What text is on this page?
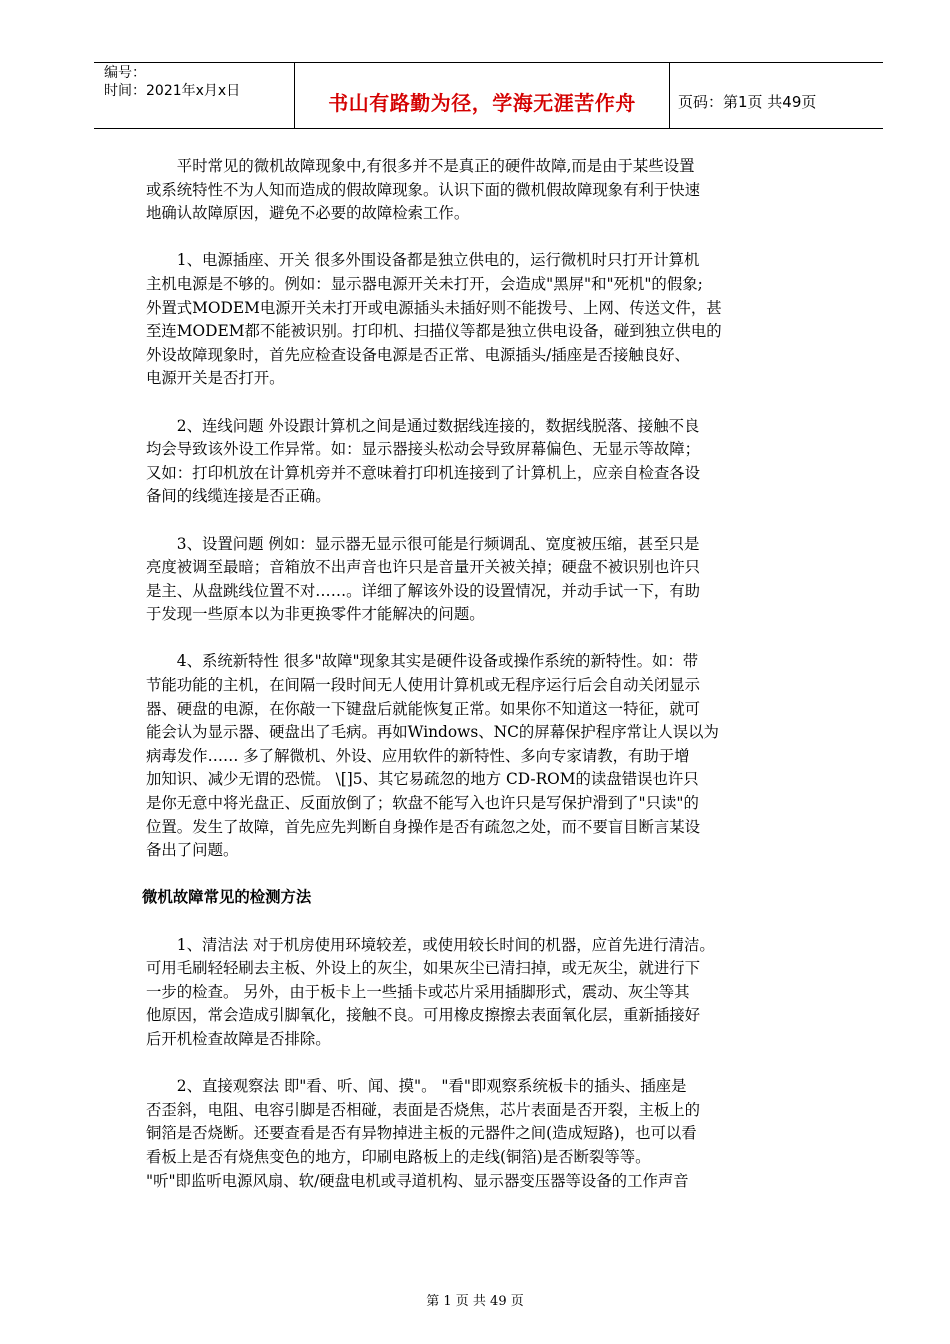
编号：
时间：2021年x月x日	书山有路勤为径，学海无涯苦作舟	页码：第1页 共49页

平时常见的微机故障现象中,有很多并不是真正的硬件故障,而是由于某些设置
或系统特性不为人知而造成的假故障现象。认识下面的微机假故障现象有利于快速
地确认故障原因，避免不必要的故障检索工作。

1、电源插座、开关 很多外围设备都是独立供电的，运行微机时只打开计算机
主机电源是不够的。例如：显示器电源开关未打开，会造成"黑屏"和"死机"的假象;
外置式MODEM电源开关未打开或电源插头未插好则不能拨号、上网、传送文件，甚
至连MODEM都不能被识别。打印机、扫描仪等都是独立供电设备，碰到独立供电的
外设故障现象时，首先应检查设备电源是否正常、电源插头/插座是否接触良好、
电源开关是否打开。

2、连线问题 外设跟计算机之间是通过数据线连接的，数据线脱落、接触不良
均会导致该外设工作异常。如：显示器接头松动会导致屏幕偏色、无显示等故障；
又如：打印机放在计算机旁并不意味着打印机连接到了计算机上，应亲自检查各设
备间的线缆连接是否正确。

3、设置问题 例如：显示器无显示很可能是行频调乱、宽度被压缩，甚至只是
亮度被调至最暗；音箱放不出声音也许只是音量开关被关掉；硬盘不被识别也许只
是主、从盘跳线位置不对……。详细了解该外设的设置情况，并动手试一下，有助
于发现一些原本以为非更换零件才能解决的问题。

4、系统新特性 很多"故障"现象其实是硬件设备或操作系统的新特性。如：带
节能功能的主机，在间隔一段时间无人使用计算机或无程序运行后会自动关闭显示
器、硬盘的电源，在你敲一下键盘后就能恢复正常。如果你不知道这一特征，就可
能会认为显示器、硬盘出了毛病。再如Windows、NC的屏幕保护程序常让人误以为
病毒发作…… 多了解微机、外设、应用软件的新特性、多向专家请教，有助于增
加知识、减少无谓的恐慌。 \[]5、其它易疏忽的地方 CD-ROM的读盘错误也许只
是你无意中将光盘正、反面放倒了；软盘不能写入也许只是写保护滑到了"只读"的
位置。发生了故障，首先应先判断自身操作是否有疏忽之处，而不要盲目断言某设
备出了问题。

微机故障常见的检测方法

1、清洁法 对于机房使用环境较差，或使用较长时间的机器，应首先进行清洁。
可用毛刷轻轻刷去主板、外设上的灰尘，如果灰尘已清扫掉，或无灰尘，就进行下
一步的检查。 另外，由于板卡上一些插卡或芯片采用插脚形式，震动、灰尘等其
他原因，常会造成引脚氧化，接触不良。可用橡皮擦擦去表面氧化层，重新插接好
后开机检查故障是否排除。

2、直接观察法 即"看、听、闻、摸"。 "看"即观察系统板卡的插头、插座是
否歪斜，电阻、电容引脚是否相碰，表面是否烧焦，芯片表面是否开裂，主板上的
铜箔是否烧断。还要查看是否有异物掉进主板的元器件之间(造成短路)，也可以看
看板上是否有烧焦变色的地方，印刷电路板上的走线(铜箔)是否断裂等等。
"听"即监听电源风扇、软/硬盘电机或寻道机构、显示器变压器等设备的工作声音

第 1 页 共 49 页
